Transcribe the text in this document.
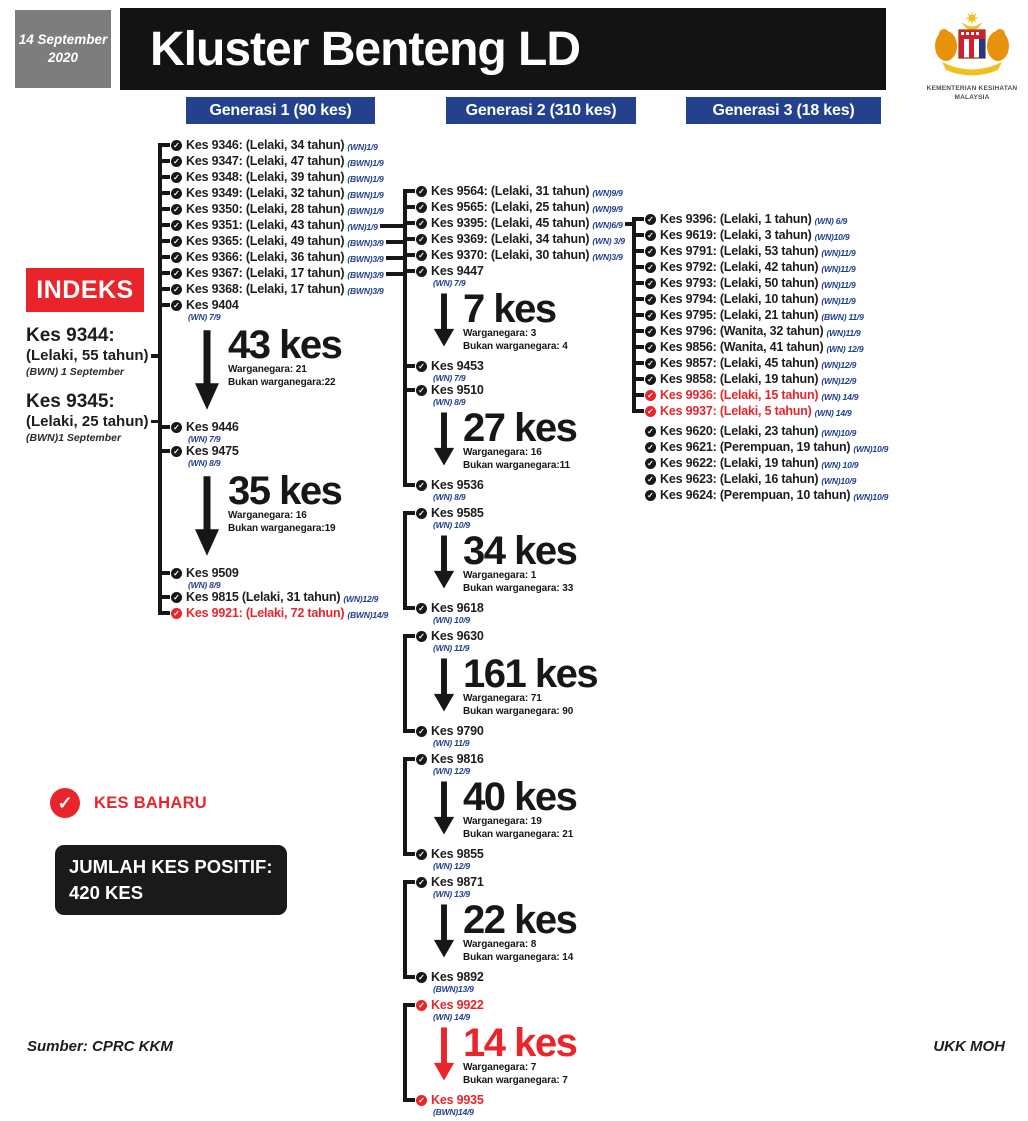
14 September
2020 Kluster Benteng LD
KEMENTERIAN KESIHATAN
MALAYSIA
Generasi 1 (90 kes)	Generasi 2 (310 kes)	Generasi 3 (18 kes)
INDEKS
Kes 9344:
(Lelaki, 55 tahun)
(BWN) 1 September
Kes 9345:
(Lelaki, 25 tahun)
(BWN)1 September
✓ Kes 9346: (Lelaki, 34 tahun) (WN)1/9
✓ Kes 9347: (Lelaki, 47 tahun) (BWN)1/9
✓ Kes 9348: (Lelaki, 39 tahun) (BWN)1/9
✓ Kes 9349: (Lelaki, 32 tahun) (BWN)1/9
✓ Kes 9350: (Lelaki, 28 tahun) (BWN)1/9
✓ Kes 9351: (Lelaki, 43 tahun) (WN)1/9
✓ Kes 9365: (Lelaki, 49 tahun) (BWN)3/9
✓ Kes 9366: (Lelaki, 36 tahun) (BWN)3/9
✓ Kes 9367: (Lelaki, 17 tahun) (BWN)3/9
✓ Kes 9368: (Lelaki, 17 tahun) (BWN)3/9
✓ Kes 9404
(WN) 7/9
43 kes
Warganegara: 21
Bukan warganegara:22
✓ Kes 9446
(WN) 7/9
✓ Kes 9475
(WN) 8/9
35 kes
Warganegara: 16
Bukan warganegara:19
✓ Kes 9509
(WN) 8/9
✓ Kes 9815 (Lelaki, 31 tahun) (WN)12/9
✓ Kes 9921: (Lelaki, 72 tahun) (BWN)14/9
✓ Kes 9564: (Lelaki, 31 tahun) (WN)9/9
✓ Kes 9565: (Lelaki, 25 tahun) (WN)9/9
✓ Kes 9395: (Lelaki, 45 tahun) (WN)6/9
✓ Kes 9369: (Lelaki, 34 tahun) (WN) 3/9
✓ Kes 9370: (Lelaki, 30 tahun) (WN)3/9
✓ Kes 9447
(WN) 7/9
7 kes
Warganegara: 3
Bukan warganegara: 4
✓ Kes 9453
(WN) 7/9
✓ Kes 9510
(WN) 8/9
27 kes
Warganegara: 16
Bukan warganegara:11
✓ Kes 9536
(WN) 8/9
✓ Kes 9585
(WN) 10/9
34 kes
Warganegara: 1
Bukan warganegara: 33
✓ Kes 9618
(WN) 10/9
✓ Kes 9630
(WN) 11/9
161 kes
Warganegara: 71
Bukan warganegara: 90
✓ Kes 9790
(WN) 11/9
✓ Kes 9816
(WN) 12/9
40 kes
Warganegara: 19
Bukan warganegara: 21
✓ Kes 9855
(WN) 12/9
✓ Kes 9871
(WN) 13/9
22 kes
Warganegara: 8
Bukan warganegara: 14
✓ Kes 9892
(BWN)13/9
✓ Kes 9922
(WN) 14/9
14 kes
Warganegara: 7
Bukan warganegara: 7
✓ Kes 9935
(BWN)14/9
✓ Kes 9396: (Lelaki, 1 tahun) (WN) 6/9
✓ Kes 9619: (Lelaki, 3 tahun) (WN)10/9
✓ Kes 9791: (Lelaki, 53 tahun) (WN)11/9
✓ Kes 9792: (Lelaki, 42 tahun) (WN)11/9
✓ Kes 9793: (Lelaki, 50 tahun) (WN)11/9
✓ Kes 9794: (Lelaki, 10 tahun) (WN)11/9
✓ Kes 9795: (Lelaki, 21 tahun) (BWN) 11/9
✓ Kes 9796: (Wanita, 32 tahun) (WN)11/9
✓ Kes 9856: (Wanita, 41 tahun) (WN) 12/9
✓ Kes 9857: (Lelaki, 45 tahun) (WN)12/9
✓ Kes 9858: (Lelaki, 19 tahun) (WN)12/9
✓ Kes 9936: (Lelaki, 15 tahun) (WN) 14/9
✓ Kes 9937: (Lelaki, 5 tahun) (WN) 14/9
✓ Kes 9620: (Lelaki, 23 tahun) (WN)10/9
✓ Kes 9621: (Perempuan, 19 tahun) (WN)10/9
✓ Kes 9622: (Lelaki, 19 tahun) (WN) 10/9
✓ Kes 9623: (Lelaki, 16 tahun) (WN)10/9
✓ Kes 9624: (Perempuan, 10 tahun) (WN)10/9
✓	KES BAHARU
JUMLAH KES POSITIF:
420 KES
Sumber: CPRC KKM	UKK MOH
